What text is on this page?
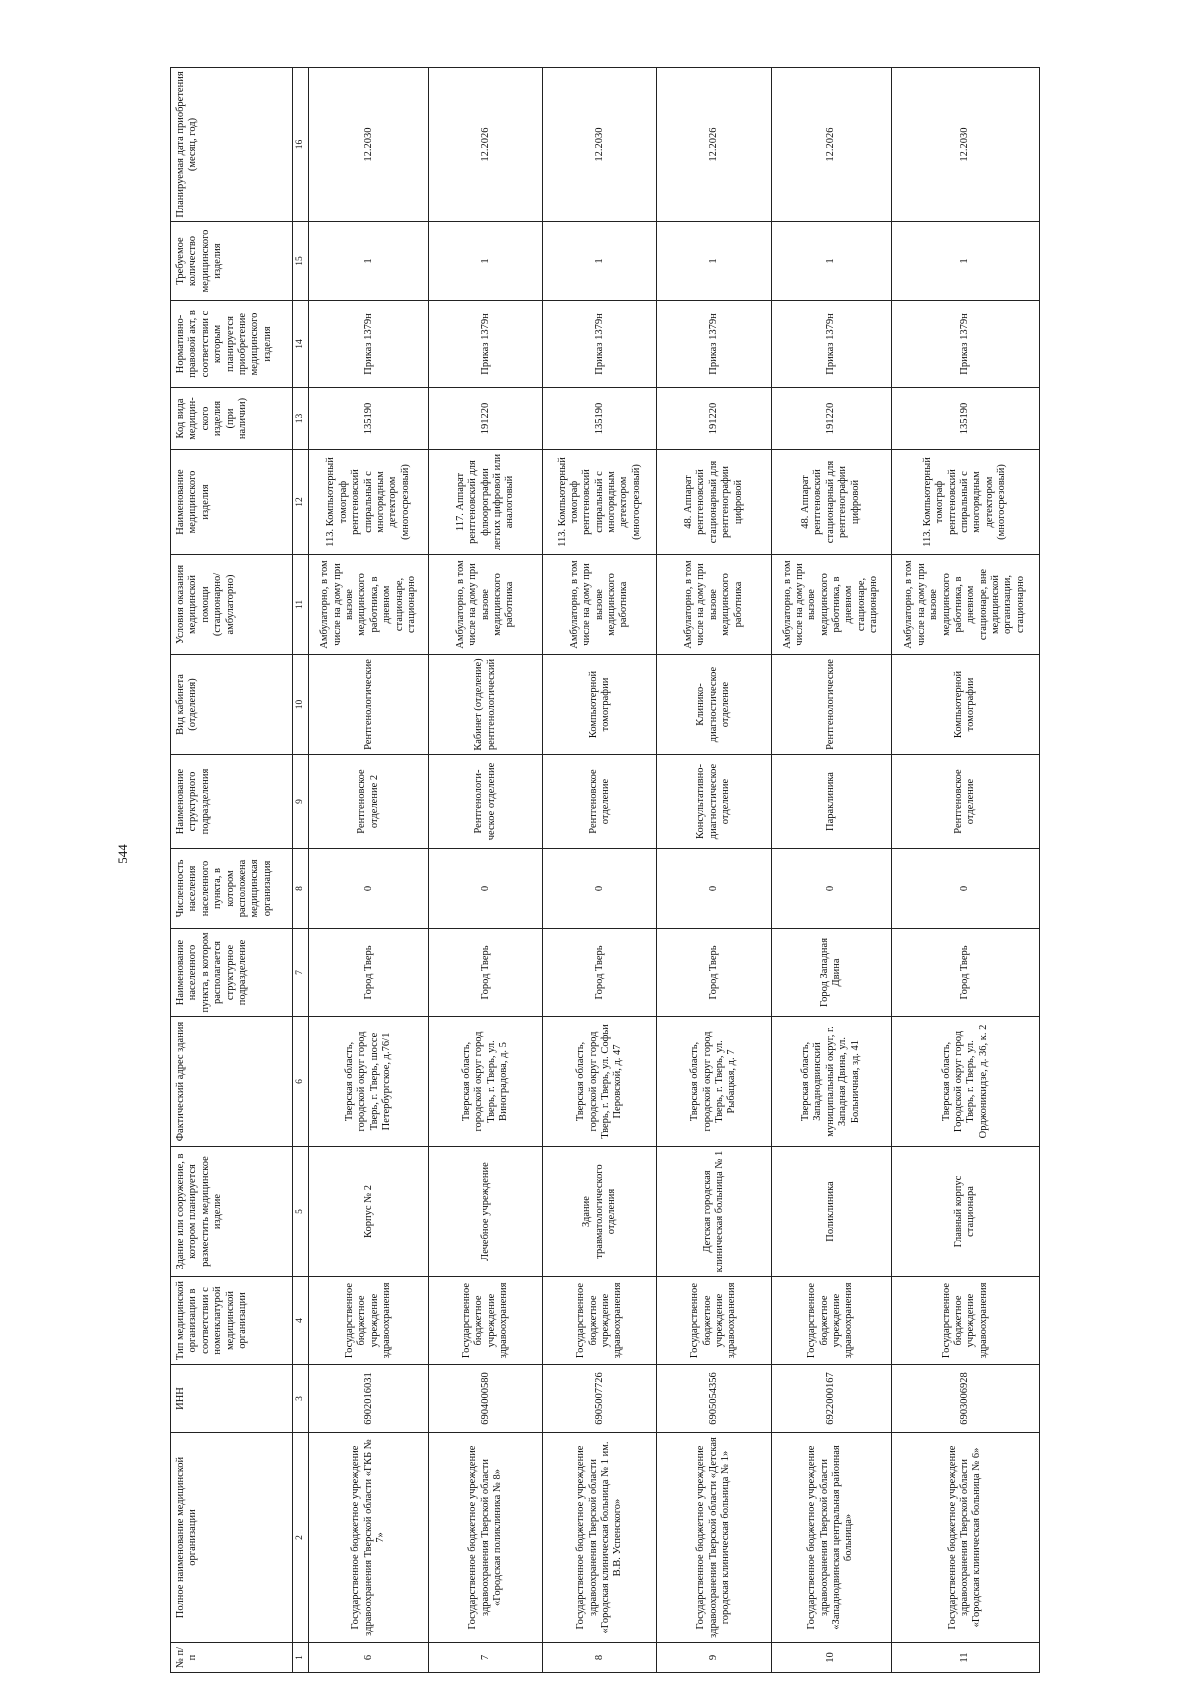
544
№ п/п	Полное наименование медицинской организации	ИНН	Тип медицинской организации в соответствии с номенклатурой медицинской организации	Здание или сооружение, в котором планируется разместить медицинское изделие	Фактический адрес здания	Наименование населенного пункта, в котором располагается структурное подразделение	Численность населения населенного пункта, в котором расположена медицинская организация	Наименование структурного подразделения	Вид кабинета (отделения)	Условия оказания медицинской помощи (стационарно/амбулаторно)	Наименование медицинского изделия	Код вида медицин-ского изделия (при наличии)	Нормативно-правовой акт, в соответствии с которым планируется приобретение медицинского изделия	Требуемое количество медицинского изделия	Планируемая дата приобретения (месяц, год)
1	2	3	4	5	6	7	8	9	10	11	12	13	14	15	16
6	Государственное бюджетное учреждение здравоохранения Тверской области «ГКБ № 7»	6902016031	Государственное бюджетное учреждение здравоохранения	Корпус № 2	Тверская область, городской округ город Тверь, г. Тверь, шоссе Петербургское, д.76/1	Город Тверь	0	Рентгеновское отделение 2	Рентгенологические	Амбулаторно, в том числе на дому при вызове медицинского работника, в дневном стационаре, стационарно	113. Компьютерный томограф рентгеновский спиральный с многорядным детектором (многосрезовый)	135190	Приказ 1379н	1	12.2030
7	Государственное бюджетное учреждение здравоохранения Тверской области «Городская поликлиника № 8»	6904000580	Государственное бюджетное учреждение здравоохранения	Лечебное учреждение	Тверская область, городской округ город Тверь, г. Тверь, ул. Виноградова, д. 5	Город Тверь	0	Рентгенологи-ческое отделение	Кабинет (отделение) рентгенологический	Амбулаторно, в том числе на дому при вызове медицинского работника	117. Аппарат рентгеновский для флюорографии легких цифровой или аналоговый	191220	Приказ 1379н	1	12.2026
8	Государственное бюджетное учреждение здравоохранения Тверской области «Городская клиническая больница № 1 им. В.В. Успенского»	6905007726	Государственное бюджетное учреждение здравоохранения	Здание травматологического отделения	Тверская область, городской округ город Тверь, г. Тверь, ул. Софьи Перовской, д. 47	Город Тверь	0	Рентгеновское отделение	Компьютерной томографии	Амбулаторно, в том числе на дому при вызове медицинского работника	113. Компьютерный томограф рентгеновский спиральный с многорядным детектором (многосрезовый)	135190	Приказ 1379н	1	12.2030
9	Государственное бюджетное учреждение здравоохранения Тверской области «Детская городская клиническая больница № 1»	6905054356	Государственное бюджетное учреждение здравоохранения	Детская городская клиническая больница № 1	Тверская область, городской округ город Тверь, г. Тверь, ул. Рыбацкая, д. 7	Город Тверь	0	Консультативно-диагностическое отделение	Клинико-диагностическое отделение	Амбулаторно, в том числе на дому при вызове медицинского работника	48. Аппарат рентгеновский стационарный для рентгенографии цифровой	191220	Приказ 1379н	1	12.2026
10	Государственное бюджетное учреждение здравоохранения Тверской области «Западнодвинская центральная районная больница»	6922000167	Государственное бюджетное учреждение здравоохранения	Поликлиника	Тверская область, Западнодвинский муниципальный округ, г. Западная Двина, ул. Больничная, зд. 41	Город Западная Двина	0	Параклиника	Рентгенологические	Амбулаторно, в том числе на дому при вызове медицинского работника, в дневном стационаре, стационарно	48. Аппарат рентгеновский стационарный для рентгенографии цифровой	191220	Приказ 1379н	1	12.2026
11	Государственное бюджетное учреждение здравоохранения Тверской области «Городская клиническая больница № 6»	6903006928	Государственное бюджетное учреждение здравоохранения	Главный корпус стационара	Тверская область, Городской округ город Тверь, г. Тверь, ул. Орджоникидзе, д. 36, к. 2	Город Тверь	0	Рентгеновское отделение	Компьютерной томографии	Амбулаторно, в том числе на дому при вызове медицинского работника, в дневном стационаре, вне медицинской организации, стационарно	113. Компьютерный томограф рентгеновский спиральный с многорядным детектором (многосрезовый)	135190	Приказ 1379н	1	12.2030
